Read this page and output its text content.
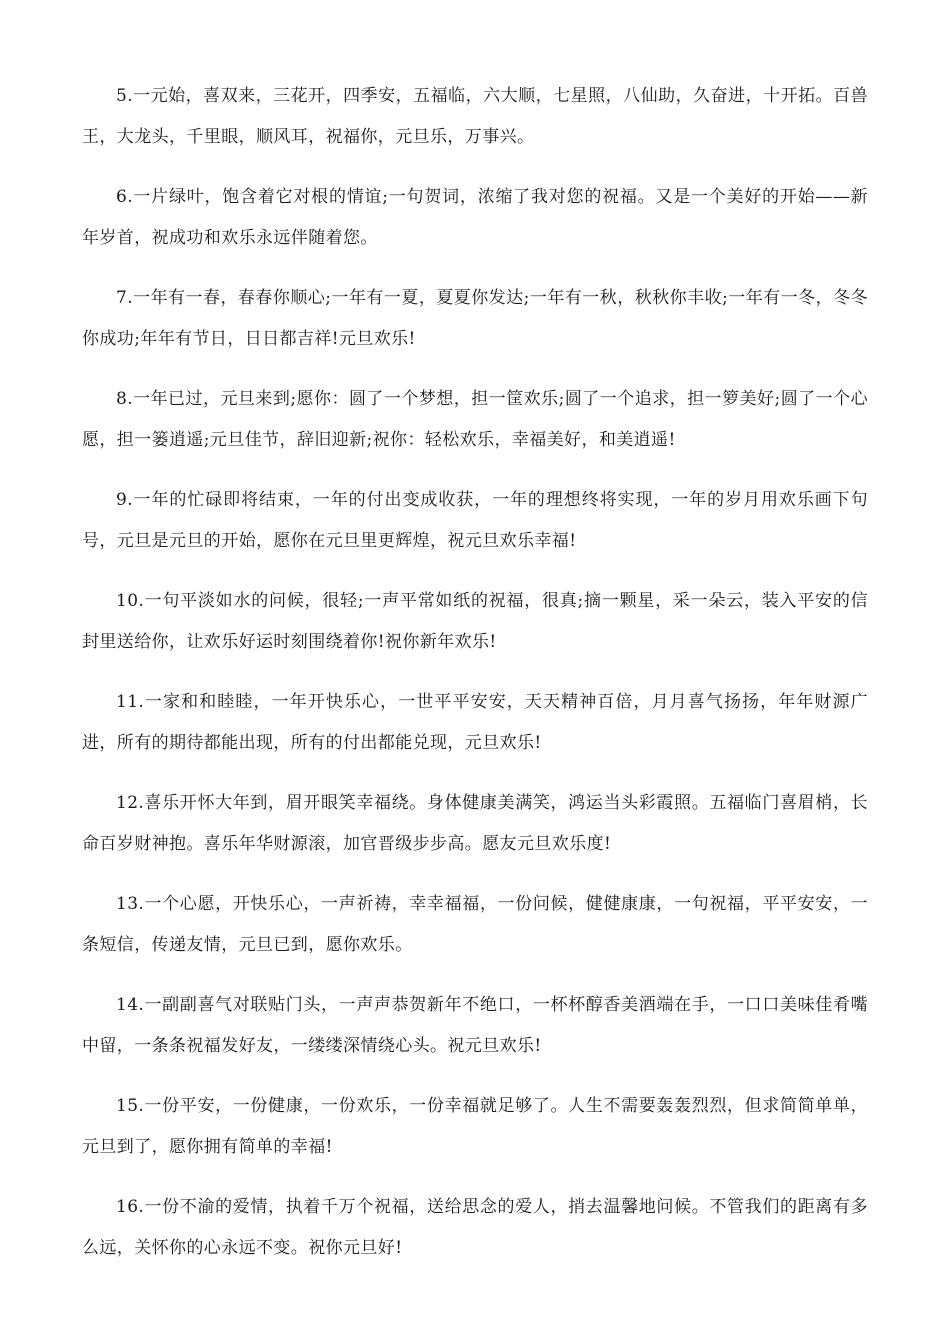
5.一元始，喜双来，三花开，四季安，五福临，六大顺，七星照，八仙助，久奋进，十开拓。百兽王，大龙头，千里眼，顺风耳，祝福你，元旦乐，万事兴。

6.一片绿叶，饱含着它对根的情谊;一句贺词，浓缩了我对您的祝福。又是一个美好的开始——新年岁首，祝成功和欢乐永远伴随着您。

7.一年有一春，春春你顺心;一年有一夏，夏夏你发达;一年有一秋，秋秋你丰收;一年有一冬，冬冬你成功;年年有节日，日日都吉祥!元旦欢乐!

8.一年已过，元旦来到;愿你：圆了一个梦想，担一筐欢乐;圆了一个追求，担一箩美好;圆了一个心愿，担一篓逍遥;元旦佳节，辞旧迎新;祝你：轻松欢乐，幸福美好，和美逍遥!

9.一年的忙碌即将结束，一年的付出变成收获，一年的理想终将实现，一年的岁月用欢乐画下句号，元旦是元旦的开始，愿你在元旦里更辉煌，祝元旦欢乐幸福!

10.一句平淡如水的问候，很轻;一声平常如纸的祝福，很真;摘一颗星，采一朵云，装入平安的信封里送给你，让欢乐好运时刻围绕着你!祝你新年欢乐!

11.一家和和睦睦，一年开快乐心，一世平平安安，天天精神百倍，月月喜气扬扬，年年财源广进，所有的期待都能出现，所有的付出都能兑现，元旦欢乐!

12.喜乐开怀大年到，眉开眼笑幸福绕。身体健康美满笑，鸿运当头彩霞照。五福临门喜眉梢，长命百岁财神抱。喜乐年华财源滚，加官晋级步步高。愿友元旦欢乐度!

13.一个心愿，开快乐心，一声祈祷，幸幸福福，一份问候，健健康康，一句祝福，平平安安，一条短信，传递友情，元旦已到，愿你欢乐。

14.一副副喜气对联贴门头，一声声恭贺新年不绝口，一杯杯醇香美酒端在手，一口口美味佳肴嘴中留，一条条祝福发好友，一缕缕深情绕心头。祝元旦欢乐!

15.一份平安，一份健康，一份欢乐，一份幸福就足够了。人生不需要轰轰烈烈，但求简简单单，元旦到了，愿你拥有简单的幸福!

16.一份不渝的爱情，执着千万个祝福，送给思念的爱人，捎去温馨地问候。不管我们的距离有多么远，关怀你的心永远不变。祝你元旦好!
